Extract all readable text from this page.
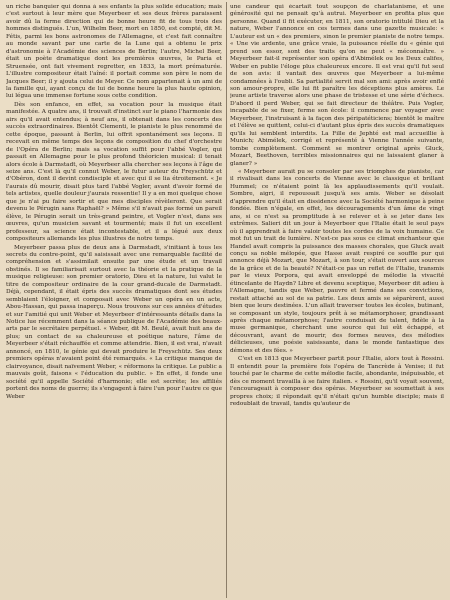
un riche banquier qui donna à ses enfants la plus solide éducation; mais c'est surtout à leur mère que Meyerbeer et ses deux frères paraissent avoir dû la ferme direction qui de bonne heure fit de tous trois des hommes distingués. L'un, Wilhelm Beer, mort en 1850, est compté, dit M. Fétis, parmi les bons astronomes de l'Allemagne, et c'est fait connaître au monde savant par une carte de la Lune qui a obtenu le prix d'astronomie à l'Académie des sciences de Berlin; l'autre, Michel Beer, était un poète dramatique dont les premières œuvres, le Paria et Struensée, ont fait vivement regretter, en 1833, la mort prématurée. L'illustre compositeur était l'aîné: il portait comme son père le nom de Jacques Beer; il y ajouta celui de Meyer. Ce nom appartenait à un ami de la famille qui, ayant conçu de lui de bonne heure la plus haute opinion, lui légua une immense fortune sous cette condition.

Dès son enfance, en effet, sa vocation pour la musique était manifestée. A quatre ans, il trouvait d'instinct sur le piano l'harmonie des airs qu'il avait entendus; à neuf ans, il obtenait dans les concerts des succès extraordinaires. Bientôt Clementi, le pianiste le plus renommé de cette époque, passant à Berlin, lui offrit spontanément ses leçons. Il recevait en même temps des leçons de composition du chef d'orchestre de l'Opéra de Berlin; mais sa vocation suffit pour l'abbé Vogler, qui passait en Allemagne pour le plus profond théoricien musical: il tenait alors école à Darmstadt, où Meyerbeer alla chercher ses leçons à l'âge de seize ans. C'est là qu'il connut Weber, le futur auteur du Freyschütz et d'Obéron, dont il devint condisciple et avec qui il se lia étroitement. « Je l'aurais dû mourir, disait plus tard l'abbé Vogler, avant d'avoir formé de tels artistes, quelle douleur j'aurais ressentie! Il y a en moi quelque chose que je n'ai pu faire sortir et que mes disciples révèleront. Que serait devenu le Pérugin sans Raphaël? » Même s'il n'avait pas formé un pareil élève, le Pérugin serait un très-grand peintre, et Vogler n'est, dans ses œuvres, qu'un musicien savant et tourmenté; mais il fut un excellent professeur, sa science était incontestable, et il a légué aux deux compositeurs allemands les plus illustres de notre temps.

Meyerbeer passa plus de deux ans à Darmstadt, s'initiant à tous les secrets du contre-point, qu'il saisissait avec une remarquable facilité de compréhension et s'assimilait ensuite par une étude et un travail obstinés. Il se familiarisait surtout avec la théorie et la pratique de la musique religieuse: son premier oratorio, Dieu et la nature, lui valut le titre de compositeur ordinaire de la cour grand-ducale de Darmstadt. Déjà, cependant, il était épris des succès dramatiques dont ses études semblaient l'éloigner, et composait avec Weber un opéra en un acte, Abou-Hassan, qui passa inaperçu. Nous trouvons sur ces années d'études et sur l'amitié qui unit Weber et Meyerbeer d'intéressants détails dans la Notice lue récemment dans la séance publique de l'Académie des beaux-arts par le secrétaire perpétuel. « Weber, dit M. Beulé, avait huit ans de plus; un contact de sa chaleureuse et poétique nature, l'âme de Meyerbeer s'était réchauffée et comme attendrie. Bien, il est vrai, n'avait annoncé, en 1810, le génie qui devait produire le Freyschütz. Ses deux premiers opéras n'avaient point été remarqués. « La critique manque de clairvoyance, disait naïvement Weber, « réformons la critique. Le public a mauvais goût, faisons « l'éducation du public. » En effet, il fonde une société qu'il appelle Société d'harmonie; elle est secrète; les affiliés portent des noms de guerre; ils s'engagent à faire l'un pour l'autre ce que Weber

une candeur qui écartait tout soupçon de charlatanisme, et une générosité qui ne pensait qu'à autrui. Meyerbeer en profita plus que personne. Quand il fit exécuter, en 1811, son oratorio intitulé Dieu et la nature, Weber l'annonce en ces termes dans une gazette musicale: « L'auteur est un « des premiers, sinon le premier pianiste de notre temps. « Une vie ardente, une grâce vraie, la puissance réelle du « génie qui prend son essor, sont des traits qu'on ne peut « méconnaître. » Meyerbeer fait-il représenter son opéra d'Abimélek ou les Deux califes, Weber en publie l'éloge plus chaleureux encore. Il est vrai qu'il fut seul de son avis: il vantait des œuvres que Meyerbeer a lui-même condamnées à l'oubli. Sa partialité servit mal son ami: après avoir enflé son amour-propre, elle lui fit paraître les déceptions plus amères. Le jeune artiste traverse alors une phase de tristesse et une série d'échecs. D'abord il perd Weber, qui se fait directeur de théâtre. Puis Vogler, incapable de se fixer, ferme son école: il commence par voyager avec Meyerbeer, l'instruisant à la façon des péripatéticiens; bientôt le maître et l'élève se quittent, celui-ci d'autant plus épris des succès dramatiques qu'ils lui semblent interdits. La Fille de Jephté est mal accueillie à Munich; Abimélek, corrigé et représenté à Vienne l'année suivante, tombe complètement. Comment se montrer original après Gluck, Mozart, Beethoven, terribles missionnaires qui ne laissaient glaner à glaner? »

« Meyerbeer aurait pu se consoler par ses triomphes de pianiste, car il rivalisait dans les concerts de Vienne avec le classique et brillant Hummel; ce n'étaient point là les applaudissements qu'il voulait. Sombre, aigri, il repoussait jusqu'à ses amis. Weber se désolait d'apprendre qu'il était en dissidence avec la Société harmonique à peine fondée. Bien n'égale, en effet, les découragements d'un âme de vingt ans, si ce n'est sa promptitude à se relever et à se jeter dans les extrêmes. Salieri dit un jour à Meyerbeer que l'Italie était le seul pays où il apprendrait à faire valoir toutes les cordes de la voix humaine. Ce mot fut un trait de lumière. N'est-ce pas sous ce climat enchanteur que Handel avait compris la puissance des masses chorales, que Gluck avait conçu sa noble mélopée, que Hasse avait respiré ce souffle pur qui annonce déjà Mozart, que Mozart, à son tour, s'était ouvert aux sources de la grâce et de la beauté? N'était-ce pas un reflet de l'Italie, transmis par le vieux Porpora, qui avait enveloppé de mélodie la vivacité étincelante de Haydn? Libre et devenu sceptique, Meyerbeer dit adieu à l'Allemagne, tandis que Weber, pauvre et fermé dans ses convictions, restait attaché au sol de sa patrie. Les deux amis se séparèrent, aussi bien que leurs destinées. L'un allait traverser toutes les écoles, butinant, se composant un style, toujours prêt à se métamorphoser, grandissant après chaque métamorphose; l'autre conduisait de talent, fidèle à la muse germanique, cherchant une source qui lui eût échappé, et découvrant, avant de mourir, des formes neuves, des mélodies délicieuses, une poésie saisissante, dans le monde fantastique des démons et des fées. »

C'est en 1813 que Meyerbeer partit pour l'Italie, alors tout à Rossini. Il entendit pour la première fois l'opéra de Tancrède à Venise; il fut touché par le charme de cette mélodie facile, abondante, inépuisable, et dès ce moment travailla à se faire italien. « Rossini, qu'il voyait souvent, l'encourageait à composer des opéras. Meyerbeer se soumettait à ses propres choix; il répondait qu'il n'était qu'un humble disciple; mais il redoublait de travail, tandis qu'auteur de
